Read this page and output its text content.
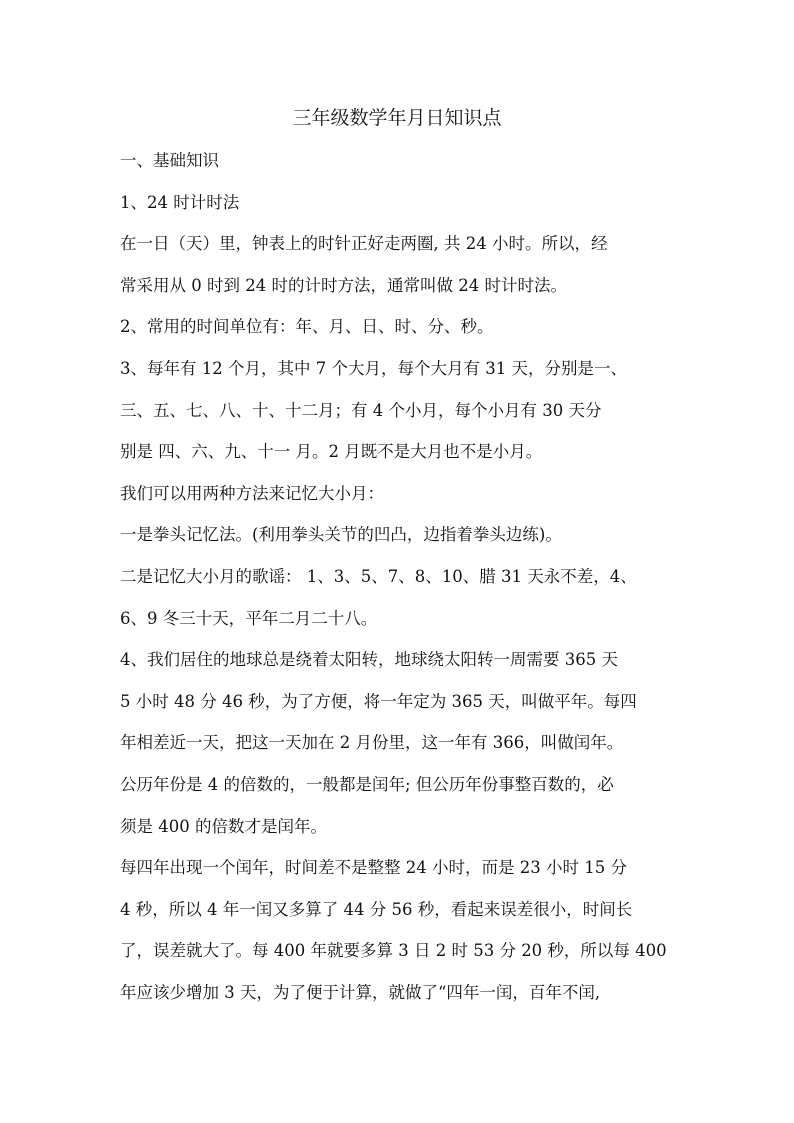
三年级数学年月日知识点
一、基础知识
1、24 时计时法
在一日（天）里，钟表上的时针正好走两圈, 共 24 小时。所以，经
常采用从 0 时到 24 时的计时方法，通常叫做 24 时计时法。
2、常用的时间单位有：年、月、日、时、分、秒。
3、每年有 12 个月，其中 7 个大月，每个大月有 31 天，分别是一、
三、五、七、八、十、十二月；有 4 个小月，每个小月有 30 天分
别是 四、六、九、十一 月。2 月既不是大月也不是小月。
我们可以用两种方法来记忆大小月：
一是拳头记忆法。(利用拳头关节的凹凸，边指着拳头边练)。
二是记忆大小月的歌谣： 1、3、5、7、8、10、腊 31 天永不差，4、
6、9 冬三十天，平年二月二十八。
4、我们居住的地球总是绕着太阳转，地球绕太阳转一周需要 365 天
5 小时 48 分 46 秒，为了方便，将一年定为 365 天，叫做平年。每四
年相差近一天，把这一天加在 2 月份里，这一年有 366，叫做闰年。
公历年份是 4 的倍数的，一般都是闰年; 但公历年份事整百数的，必
须是 400 的倍数才是闰年。
每四年出现一个闰年，时间差不是整整 24 小时，而是 23 小时 15 分
4 秒，所以 4 年一闰又多算了 44 分 56 秒，看起来误差很小，时间长
了，误差就大了。每 400 年就要多算 3 日 2 时 53 分 20 秒，所以每 400
年应该少增加 3 天，为了便于计算，就做了“四年一闰，百年不闰,
